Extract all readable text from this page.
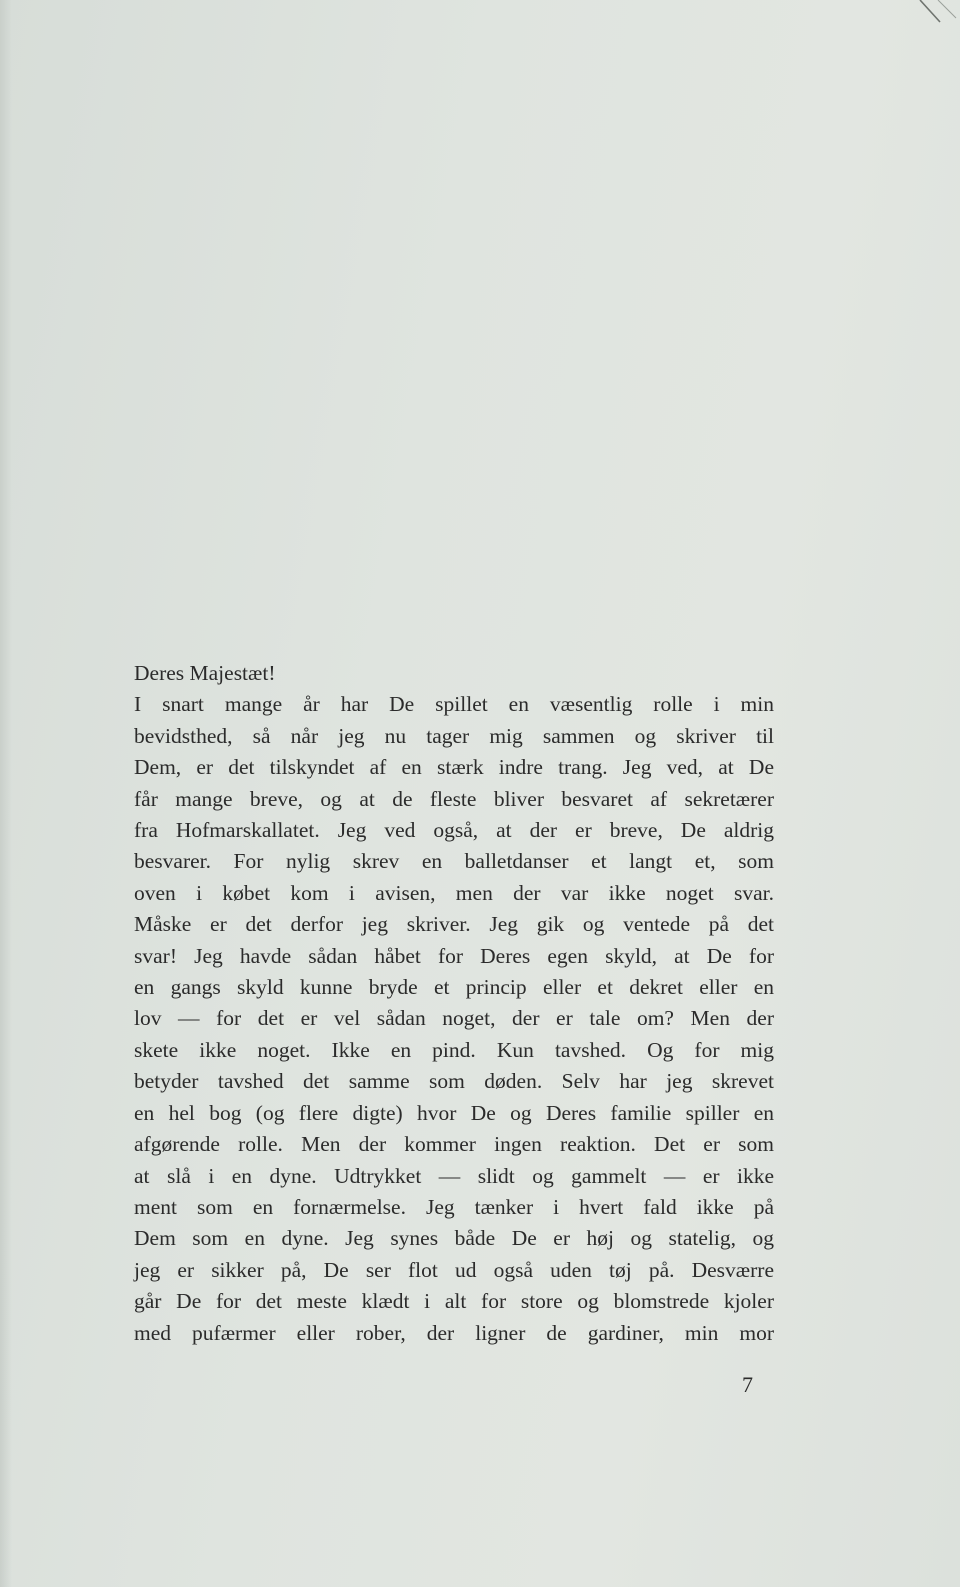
Deres Majestæt!
I snart mange år har De spillet en væsentlig rolle i min
bevidsthed, så når jeg nu tager mig sammen og skriver til
Dem, er det tilskyndet af en stærk indre trang. Jeg ved, at De
får mange breve, og at de fleste bliver besvaret af sekretærer
fra Hofmarskallatet. Jeg ved også, at der er breve, De aldrig
besvarer. For nylig skrev en balletdanser et langt et, som
oven i købet kom i avisen, men der var ikke noget svar.
Måske er det derfor jeg skriver. Jeg gik og ventede på det
svar! Jeg havde sådan håbet for Deres egen skyld, at De for
en gangs skyld kunne bryde et princip eller et dekret eller en
lov — for det er vel sådan noget, der er tale om? Men der
skete ikke noget. Ikke en pind. Kun tavshed. Og for mig
betyder tavshed det samme som døden. Selv har jeg skrevet
en hel bog (og flere digte) hvor De og Deres familie spiller en
afgørende rolle. Men der kommer ingen reaktion. Det er som
at slå i en dyne. Udtrykket — slidt og gammelt — er ikke
ment som en fornærmelse. Jeg tænker i hvert fald ikke på
Dem som en dyne. Jeg synes både De er høj og statelig, og
jeg er sikker på, De ser flot ud også uden tøj på. Desværre
går De for det meste klædt i alt for store og blomstrede kjoler
med pufærmer eller rober, der ligner de gardiner, min mor
7
